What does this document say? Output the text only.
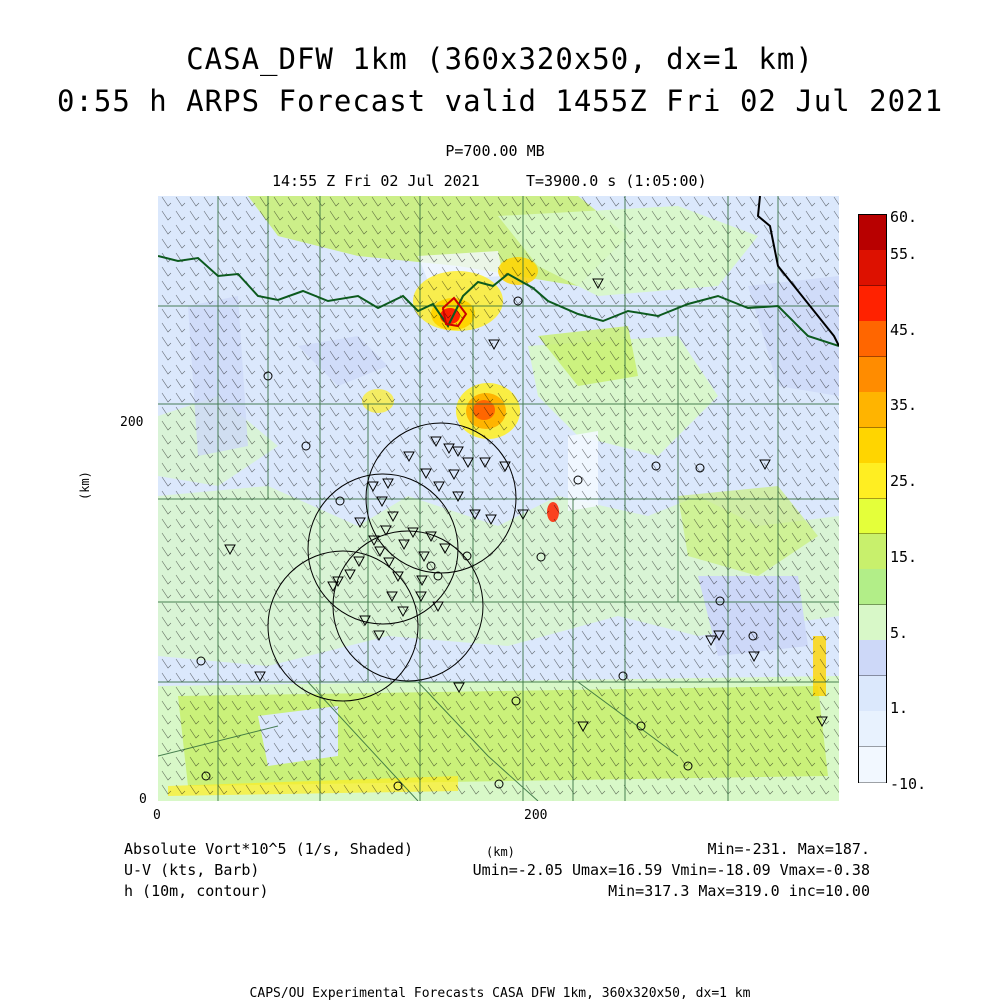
CASA_DFW 1km (360x320x50, dx=1 km)
0:55 h ARPS Forecast valid 1455Z Fri 02 Jul 2021
P=700.00 MB
14:55 Z Fri 02 Jul 2021	T=3900.0 s (1:05:00)
200
0
0	200
(km)
(km)
60.
55.
45.
35.
25.
15.
5.
1.
-10.
Absolute Vort*10^5 (1/s, Shaded)
U-V (kts, Barb)
h (10m, contour)
Min=-231. Max=187.
Umin=-2.05 Umax=16.59 Vmin=-18.09 Vmax=-0.38
Min=317.3 Max=319.0 inc=10.00
CAPS/OU Experimental Forecasts CASA DFW 1km, 360x320x50, dx=1 km
